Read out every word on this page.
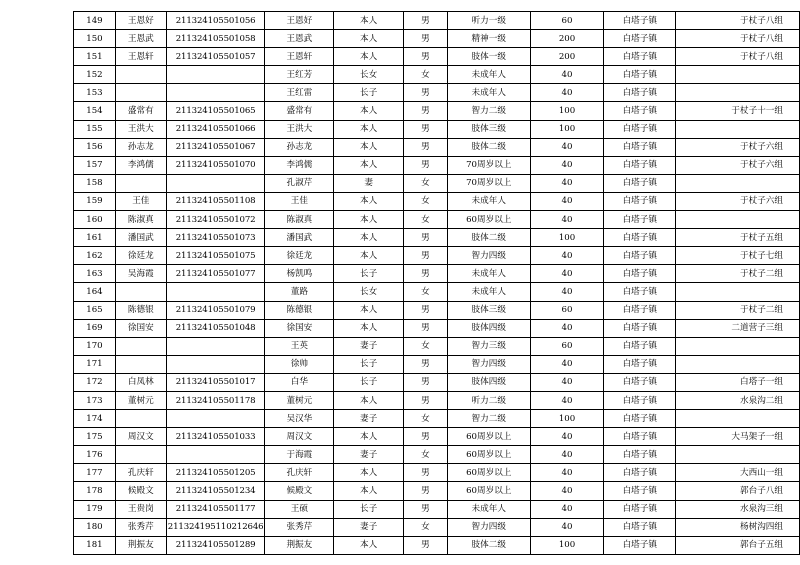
149	王恩好	211324105501056	王恩好	本人	男	听力一级	60	白塔子镇	于杖子八组
150	王恩武	211324105501058	王恩武	本人	男	精神一级	200	白塔子镇	于杖子八组
151	王恩轩	211324105501057	王恩轩	本人	男	肢体一级	200	白塔子镇	于杖子八组
152			王红芳	长女	女	未成年人	40	白塔子镇	
153			王红雷	长子	男	未成年人	40	白塔子镇	
154	盛常有	211324105501065	盛常有	本人	男	智力二级	100	白塔子镇	于杖子十一组
155	王洪大	211324105501066	王洪大	本人	男	肢体三级	100	白塔子镇	
156	孙志龙	211324105501067	孙志龙	本人	男	肢体二级	40	白塔子镇	于杖子六组
157	李鸿儒	211324105501070	李鸿儒	本人	男	70周岁以上	40	白塔子镇	于杖子六组
158			孔淑芹	妻	女	70周岁以上	40	白塔子镇	
159	王佳	211324105501108	王佳	本人	女	未成年人	40	白塔子镇	于杖子六组
160	陈淑真	211324105501072	陈淑真	本人	女	60周岁以上	40	白塔子镇	
161	潘国武	211324105501073	潘国武	本人	男	肢体二级	100	白塔子镇	于杖子五组
162	徐廷龙	211324105501075	徐廷龙	本人	男	智力四级	40	白塔子镇	于杖子七组
163	吴海霞	211324105501077	杨凯鸣	长子	男	未成年人	40	白塔子镇	于杖子二组
164			董路	长女	女	未成年人	40	白塔子镇	
165	陈德银	211324105501079	陈德银	本人	男	肢体三级	60	白塔子镇	于杖子二组
169	徐国安	211324105501048	徐国安	本人	男	肢体四级	40	白塔子镇	二道营子三组
170			王英	妻子	女	智力三级	60	白塔子镇	
171			徐帅	长子	男	智力四级	40	白塔子镇	
172	白凤林	211324105501017	白华	长子	男	肢体四级	40	白塔子镇	白塔子一组
173	董树元	211324105501178	董树元	本人	男	听力二级	40	白塔子镇	水泉沟二组
174			吴汉华	妻子	女	智力二级	100	白塔子镇	
175	周汉文	211324105501033	周汉文	本人	男	60周岁以上	40	白塔子镇	大马架子一组
176			于海霞	妻子	女	60周岁以上	40	白塔子镇	
177	孔庆轩	211324105501205	孔庆轩	本人	男	60周岁以上	40	白塔子镇	大西山一组
178	候殿文	211324105501234	候殿文	本人	男	60周岁以上	40	白塔子镇	郭台子八组
179	王贵岗	211324105501177	王硕	长子	男	未成年人	40	白塔子镇	水泉沟三组
180	张秀芹	211324195110212646	张秀芹	妻子	女	智力四级	40	白塔子镇	杨树沟四组
181	荆振友	211324105501289	荆振友	本人	男	肢体二级	100	白塔子镇	郭台子五组
